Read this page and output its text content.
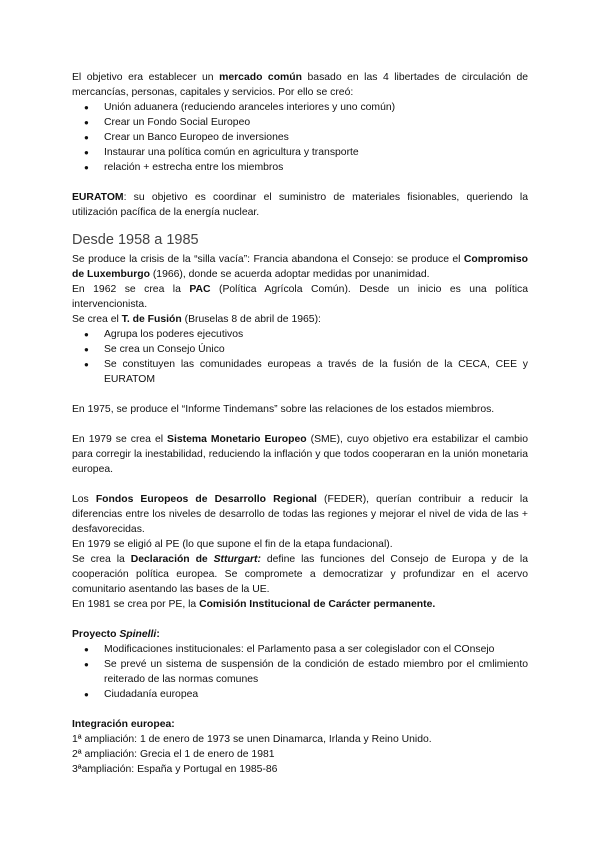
El objetivo era establecer un mercado común basado en las 4 libertades de circulación de mercancías, personas, capitales y servicios. Por ello se creó:

● Unión aduanera (reduciendo aranceles interiores y uno común)
● Crear un Fondo Social Europeo
● Crear un Banco Europeo de inversiones
● Instaurar una política común en agricultura y transporte
● relación + estrecha entre los miembros

EURATOM: su objetivo es coordinar el suministro de materiales fisionables, queriendo la utilización pacífica de la energía nuclear.

Desde 1958 a 1985

Se produce la crisis de la “silla vacía”: Francia abandona el Consejo: se produce el Compromiso de Luxemburgo (1966), donde se acuerda adoptar medidas por unanimidad.

En 1962 se crea la PAC (Política Agrícola Común). Desde un inicio es una política intervencionista.

Se crea el T. de Fusión (Bruselas 8 de abril de 1965):

● Agrupa los poderes ejecutivos
● Se crea un Consejo Único
● Se constituyen las comunidades europeas a través de la fusión de la CECA, CEE y EURATOM

En 1975, se produce el “Informe Tindemans” sobre las relaciones de los estados miembros.

En 1979 se crea el Sistema Monetario Europeo (SME), cuyo objetivo era estabilizar el cambio para corregir la inestabilidad, reduciendo la inflación y que todos cooperaran en la unión monetaria europea.

Los Fondos Europeos de Desarrollo Regional (FEDER), querían contribuir a reducir la diferencias entre los niveles de desarrollo de todas las regiones y mejorar el nivel de vida de las + desfavorecidas.

En 1979 se eligió al PE (lo que supone el fin de la etapa fundacional).

Se crea la Declaración de Stturgart: define las funciones del Consejo de Europa y de la cooperación política europea. Se compromete a democratizar y profundizar en el acervo comunitario asentando las bases de la UE.

En 1981 se crea por PE, la Comisión Institucional de Carácter permanente.

Proyecto Spinelli:

● Modificaciones institucionales: el Parlamento pasa a ser colegislador con el COnsejo
● Se prevé un sistema de suspensión de la condición de estado miembro por el cmlimiento reiterado de las normas comunes
● Ciudadanía europea

Integración europea:

1ª ampliación: 1 de enero de 1973 se unen Dinamarca, Irlanda y Reino Unido.

2ª ampliación: Grecia el 1 de enero de 1981

3ªampliación: España y Portugal en 1985-86
